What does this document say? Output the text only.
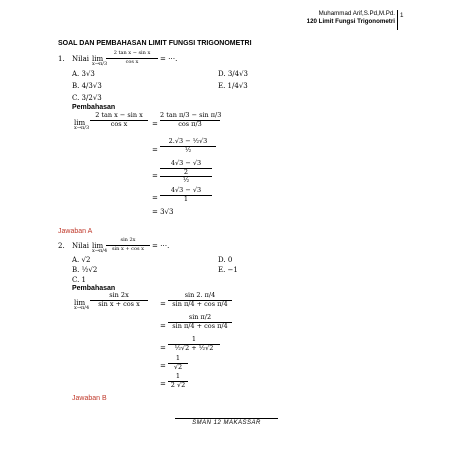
Muhammad Arif,S.Pd,M.Pd.
120 Limit Fungsi Trigonometri
1
SOAL DAN PEMBAHASAN LIMIT FUNGSI TRIGONOMETRI
1. Nilai lim
x→π/3
2 tan x − sin x
cos x	= ⋯.
A. 3√3
B. 4/3√3
C. 3/2√3
D. 3/4√3
E. 1/4√3
Pembahasan
lim
x→π/3
2 tan x − sin x
cos x	=
2 tan π/3 − sin π/3
cos π/3
=
2.√3 − ½√3
½
=
4√3 − √3
2
½
=
4√3 − √3
1
= 3√3
Jawaban A
2. Nilai lim
x→π/4
sin 2x
sin x + cos x	= ⋯.
A. √2
B. ½√2
C. 1
D. 0
E. −1
Pembahasan
lim
x→π/4
sin 2x
sin x + cos x	=
sin 2. π/4
sin π/4 + cos π/4
=
sin π/2
sin π/4 + cos π/4
=
1
½√2 + ½√2
=
1
√2
=
1
2 √2
Jawaban B
SMAN 12 MAKASSAR
